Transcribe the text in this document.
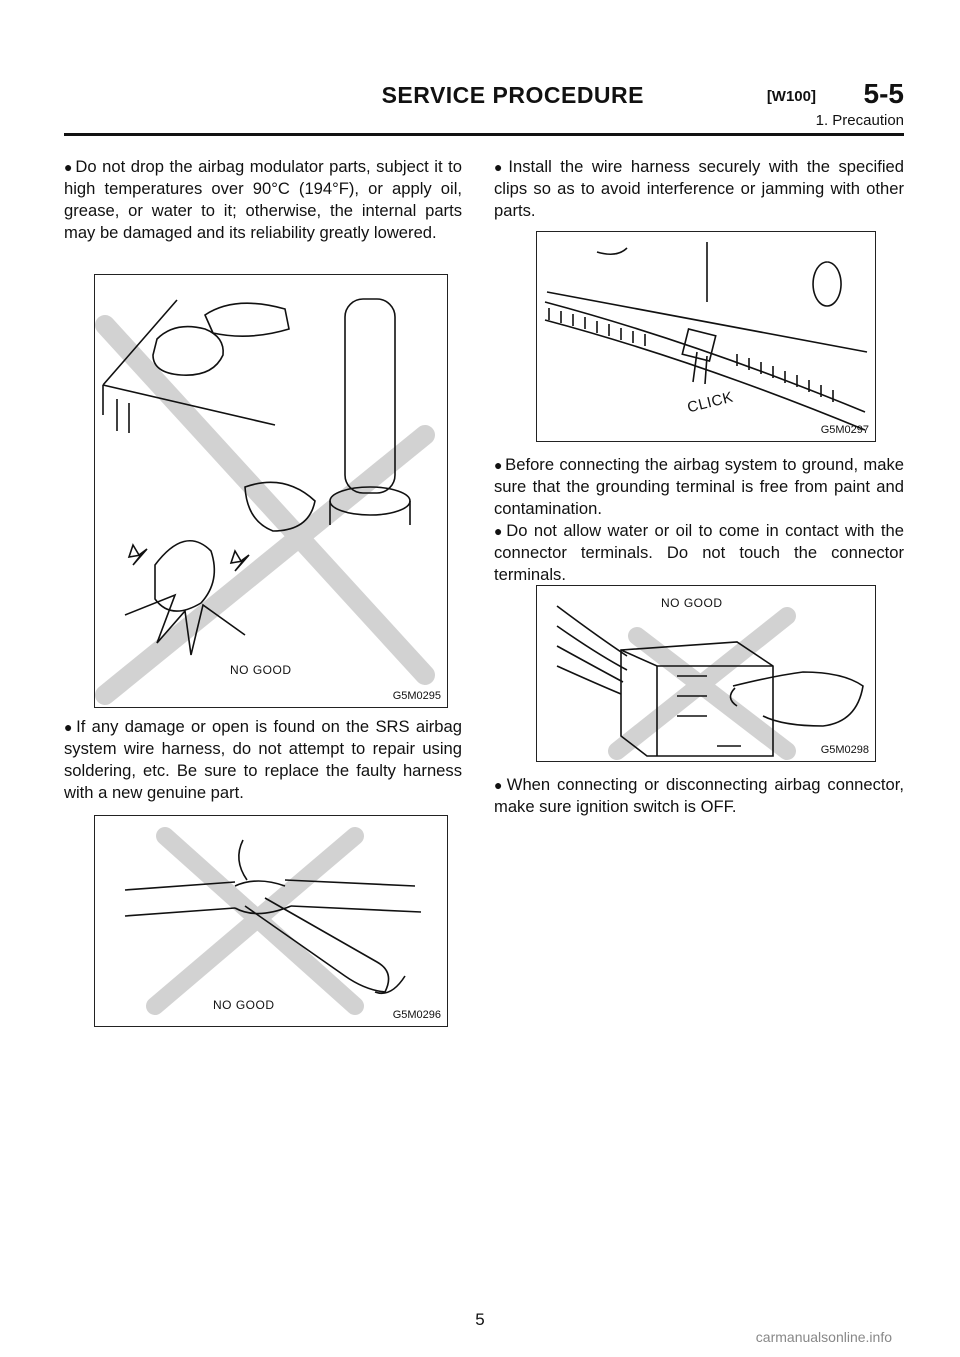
SERVICE PROCEDURE	[W100] 5-5
1. Precaution
● Do not drop the airbag modulator parts, subject it to high temperatures over 90°C (194°F), or apply oil, grease, or water to it; otherwise, the internal parts may be damaged and its reliability greatly lowered.
NO GOOD
G5M0295
● If any damage or open is found on the SRS airbag system wire harness, do not attempt to repair using soldering, etc. Be sure to replace the faulty harness with a new genuine part.
NO GOOD
G5M0296
● Install the wire harness securely with the specified clips so as to avoid interference or jamming with other parts.
CLICK
G5M0297
● Before connecting the airbag system to ground, make sure that the grounding terminal is free from paint and contamination.
● Do not allow water or oil to come in contact with the connector terminals. Do not touch the connector terminals.
NO GOOD
G5M0298
● When connecting or disconnecting airbag connector, make sure ignition switch is OFF.
5
carmanualsonline.info
